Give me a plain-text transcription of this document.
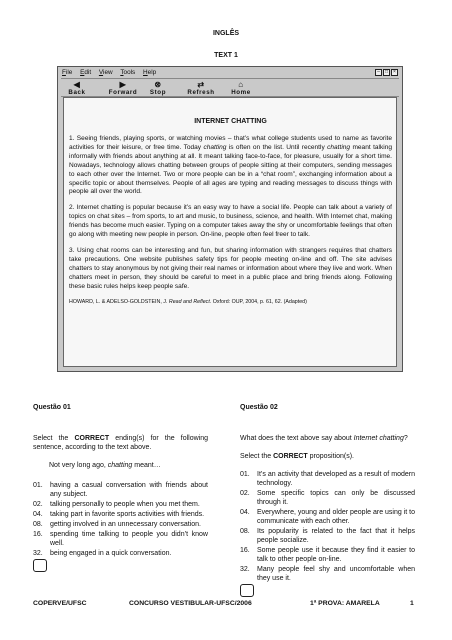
INGLÊS
TEXT 1
File Edit View Tools Help	–	□	×
◀
Back
▶
Forward
⊗
Stop
⇄
Refresh
⌂
Home
INTERNET CHATTING

1. Seeing friends, playing sports, or watching movies – that’s what college students used to name as favorite activities for their leisure, or free time. Today chatting is often on the list. Until recently chatting meant talking informally with friends about anything at all. It meant talking face-to-face, for pleasure, usually for a short time. Nowadays, technology allows chatting between groups of people sitting at their computers, sending messages to each other over the Internet. Two or more people can be in a “chat room”, exchanging information about a specific topic or about themselves. People of all ages are typing and reading messages to discuss things with people all over the world.

2. Internet chatting is popular because it’s an easy way to have a social life. People can talk about a variety of topics on chat sites – from sports, to art and music, to business, science, and health. With Internet chat, making friends has become much easier. Typing on a computer takes away the shy or uncomfortable feelings that often go along with meeting new people in person. On-line, people often feel freer to talk.

3. Using chat rooms can be interesting and fun, but sharing information with strangers requires that chatters take precautions. One website publishes safety tips for people meeting on-line and off. The site advises chatters to stay anonymous by not giving their real names or information about where they live and work. When chatters meet in person, they should be careful to meet in a public place and bring friends along. Following these basic rules helps keep people safe.

HOWARD, L. & ADELSO-GOLDSTEIN, J. Read and Reflect. Oxford: OUP, 2004, p. 61, 62. (Adapted)

Questão 01	Questão 02
Select the CORRECT ending(s) for the following sentence, according to the text above.
Not very long ago, chatting meant…
01.	having a casual conversation with friends about any subject.
02.	talking personally to people when you met them.
04.	taking part in favorite sports activities with friends.
08.	getting involved in an unnecessary conversation.
16.	spending time talking to people you didn’t know well.
32.	being engaged in a quick conversation.
What does the text above say about Internet chatting?
Select the CORRECT proposition(s).
01.	It’s an activity that developed as a result of modern technology.
02.	Some specific topics can only be discussed through it.
04.	Everywhere, young and older people are using it to communicate with each other.
08.	Its popularity is related to the fact that it helps people socialize.
16.	Some people use it because they find it easier to talk to other people on-line.
32.	Many people feel shy and uncomfortable when they use it.
COPERVE/UFSC	CONCURSO VESTIBULAR-UFSC/2006	1ª PROVA: AMARELA	1
